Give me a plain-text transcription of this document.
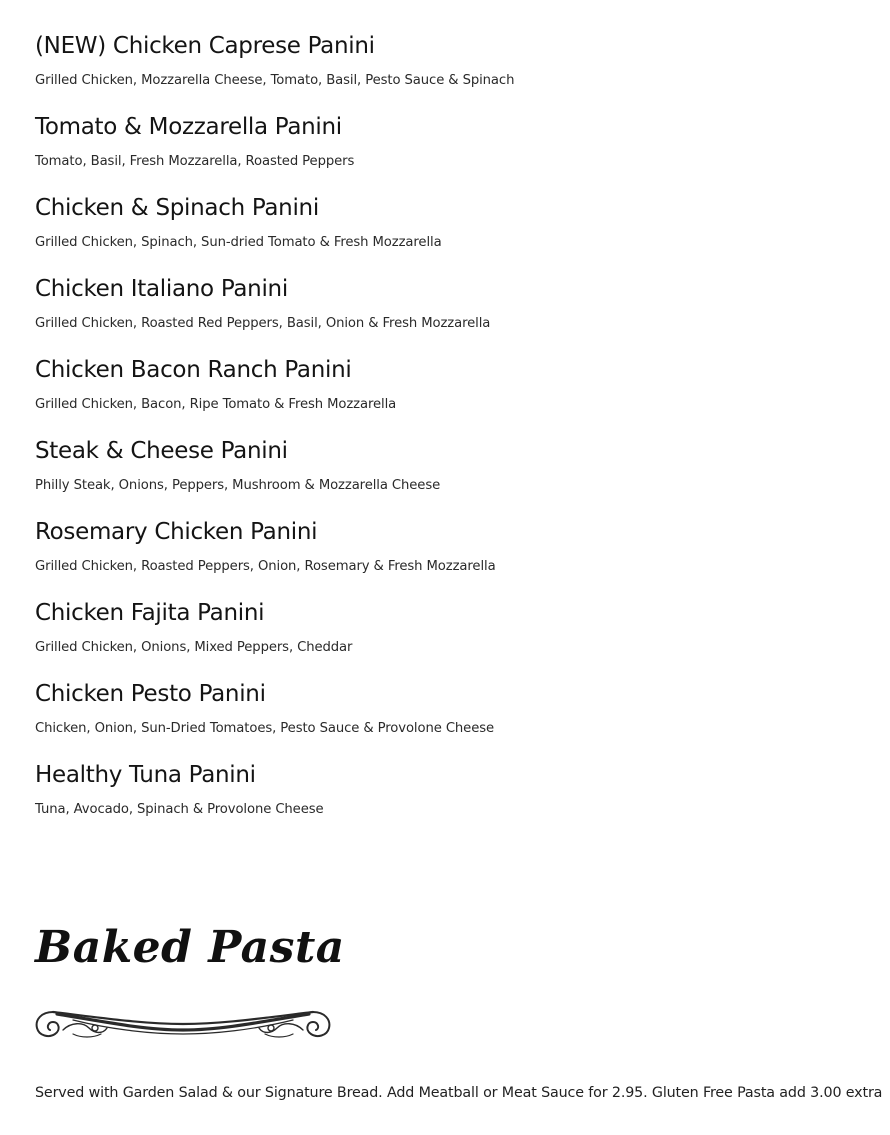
(NEW) Chicken Caprese Panini
Grilled Chicken, Mozzarella Cheese, Tomato, Basil, Pesto Sauce & Spinach
Tomato & Mozzarella Panini
Tomato, Basil, Fresh Mozzarella, Roasted Peppers
Chicken & Spinach Panini
Grilled Chicken, Spinach, Sun-dried Tomato & Fresh Mozzarella
Chicken Italiano Panini
Grilled Chicken, Roasted Red Peppers, Basil, Onion & Fresh Mozzarella
Chicken Bacon Ranch Panini
Grilled Chicken, Bacon, Ripe Tomato & Fresh Mozzarella
Steak & Cheese Panini
Philly Steak, Onions, Peppers, Mushroom & Mozzarella Cheese
Rosemary Chicken Panini
Grilled Chicken, Roasted Peppers, Onion, Rosemary & Fresh Mozzarella
Chicken Fajita Panini
Grilled Chicken, Onions, Mixed Peppers, Cheddar
Chicken Pesto Panini
Chicken, Onion, Sun-Dried Tomatoes, Pesto Sauce & Provolone Cheese
Healthy Tuna Panini
Tuna, Avocado, Spinach & Provolone Cheese
Baked Pasta
Served with Garden Salad & our Signature Bread. Add Meatball or Meat Sauce for 2.95. Gluten Free Pasta add 3.00 extra
